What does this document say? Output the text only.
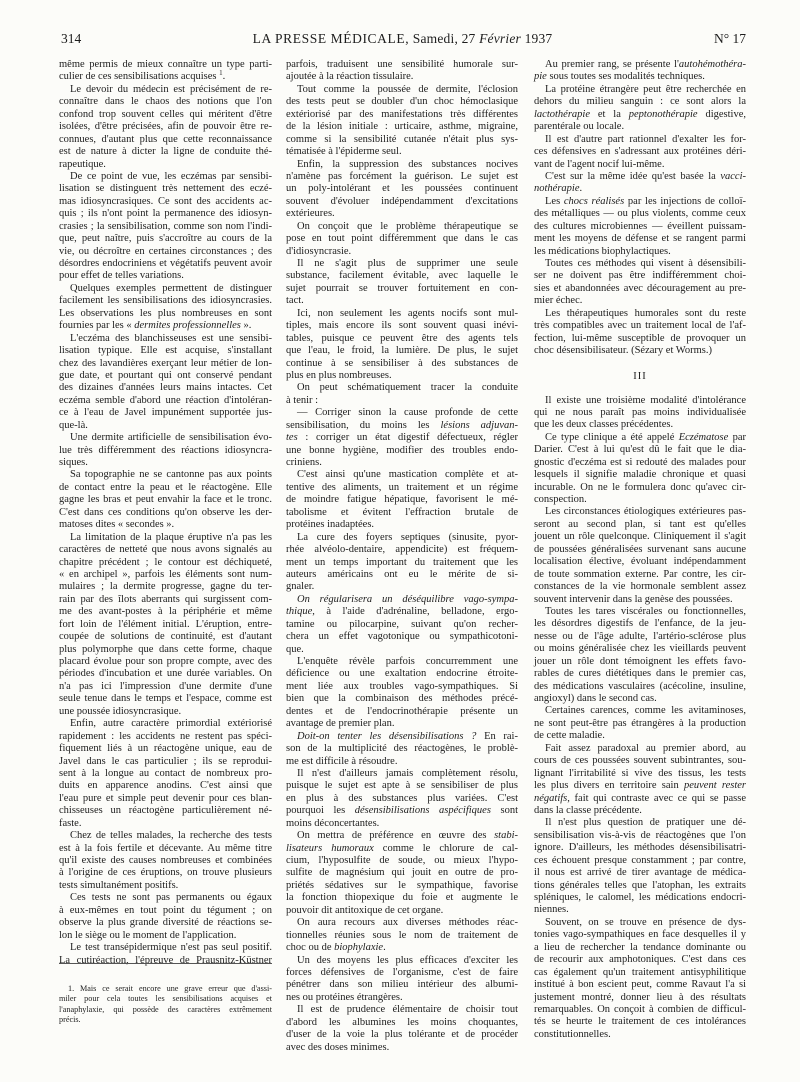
314	LA PRESSE MÉDICALE, Samedi, 27 Février 1937	N° 17
même permis de mieux connaître un type parti-
culier de ces sensibilisations acquises $^1$.
Le devoir du médecin est précisément de re-
connaître dans le chaos des notions que l'on
confond trop souvent celles qui méritent d'être
isolées, d'être précisées, afin de pouvoir être re-
connues, d'autant plus que cette reconnaissance
est de nature à dicter la ligne de conduite thé-
rapeutique.
De ce point de vue, les eczémas par sensibi-
lisation se distinguent très nettement des eczé-
mas idiosyncrasiques. Ce sont des accidents ac-
quis ; ils n'ont point la permanence des idiosyn-
crasies ; la sensibilisation, comme son nom l'indi-
que, peut naître, puis s'accroître au cours de la
vie, ou décroître en certaines circonstances ; des
désordres endocriniens et végétatifs peuvent avoir
pour effet de telles variations.
Quelques exemples permettent de distinguer
facilement les sensibilisations des idiosyncrasies.
Les observations les plus nombreuses en sont
fournies par les « dermites professionnelles ».
L'eczéma des blanchisseuses est une sensibi-
lisation typique. Elle est acquise, s'installant
chez des lavandières exerçant leur métier de lon-
gue date, et pourtant qui ont conservé pendant
des dizaines d'années leurs mains intactes. Cet
eczéma semble d'abord une réaction d'intoléran-
ce à l'eau de Javel impunément supportée jus-
que-là.
Une dermite artificielle de sensibilisation évo-
lue très différemment des réactions idiosyncra-
siques.
Sa topographie ne se cantonne pas aux points
de contact entre la peau et le réactogène. Elle
gagne les bras et peut envahir la face et le tronc.
C'est dans ces conditions qu'on observe les der-
matoses dites « secondes ».
La limitation de la plaque éruptive n'a pas les
caractères de netteté que nous avons signalés au
chapitre précédent ; le contour est déchiqueté,
« en archipel », parfois les éléments sont num-
mulaires ; la dermite progresse, gagne du ter-
rain par des îlots aberrants qui surgissent com-
me des avant-postes à la périphérie et même
fort loin de l'élément initial. L'éruption, entre-
coupée de solutions de continuité, est d'autant
plus polymorphe que dans cette forme, chaque
placard évolue pour son propre compte, avec des
périodes d'incubation et une durée variables. On
n'a pas ici l'impression d'une dermite d'une
seule tenue dans le temps et l'espace, comme est
une poussée idiosyncrasique.
Enfin, autre caractère primordial extériorisé
rapidement : les accidents ne restent pas spéci-
fiquement liés à un réactogène unique, eau de
Javel dans le cas particulier ; ils se reprodui-
sent à la longue au contact de nombreux pro-
duits en apparence anodins. C'est ainsi que
l'eau pure et simple peut devenir pour ces blan-
chisseuses un réactogène particulièrement né-
faste.
Chez de telles malades, la recherche des tests
est à la fois fertile et décevante. Au même titre
qu'il existe des causes nombreuses et combinées
à l'origine de ces éruptions, on trouve plusieurs
tests simultanément positifs.
Ces tests ne sont pas permanents ou égaux
à eux-mêmes en tout point du tégument ; on
observe la plus grande diversité de réactions se-
lon le siège ou le moment de l'application.
Le test transépidermique n'est pas seul positif.
La cutiréaction, l'épreuve de Prausnitz-Küstner
parfois, traduisent une sensibilité humorale sur-
ajoutée à la réaction tissulaire.
Tout comme la poussée de dermite, l'éclosion
des tests peut se doubler d'un choc hémoclasique
extériorisé par des manifestations très différentes
de la lésion initiale : urticaire, asthme, migraine,
comme si la sensibilité cutanée n'était plus sys-
tématisée à l'épiderme seul.
Enfin, la suppression des substances nocives
n'amène pas forcément la guérison. Le sujet est
un poly-intolérant et les poussées continuent
souvent d'évoluer indépendamment d'excitations
extérieures.
On conçoit que le problème thérapeutique se
pose en tout point différemment que dans le cas
d'idiosyncrasie.
Il ne s'agit plus de supprimer une seule
substance, facilement évitable, avec laquelle le
sujet pourrait se trouver fortuitement en con-
tact.
Ici, non seulement les agents nocifs sont mul-
tiples, mais encore ils sont souvent quasi inévi-
tables, puisque ce peuvent être des agents tels
que l'eau, le froid, la lumière. De plus, le sujet
continue à se sensibiliser à des substances de
plus en plus nombreuses.
On peut schématiquement tracer la conduite
à tenir :
— Corriger sinon la cause profonde de cette
sensibilisation, du moins les lésions adjuvan-
tes : corriger un état digestif défectueux, régler
une bonne hygiène, modifier des troubles endo-
criniens.
C'est ainsi qu'une mastication complète et at-
tentive des aliments, un traitement et un régime
de moindre fatigue hépatique, favorisent le mé-
tabolisme et évitent l'effraction brutale de
protéines inadaptées.
La cure des foyers septiques (sinusite, pyor-
rhée alvéolo-dentaire, appendicite) est fréquem-
ment un temps important du traitement que les
auteurs américains ont eu le mérite de si-
gnaler.
On régularisera un déséquilibre vago-sympa-
thique, à l'aide d'adrénaline, belladone, ergo-
tamine ou pilocarpine, suivant qu'on recher-
chera un effet vagotonique ou sympathicotoni-
que.
L'enquête révèle parfois concurremment une
déficience ou une exaltation endocrine étroite-
ment liée aux troubles vago-sympathiques. Si
bien que la combinaison des méthodes précé-
dentes et de l'endocrinothérapie présente un
avantage de premier plan.
Doit-on tenter les désensibilisations ? En rai-
son de la multiplicité des réactogènes, le problè-
me est difficile à résoudre.
Il n'est d'ailleurs jamais complètement résolu,
puisque le sujet est apte à se sensibiliser de plus
en plus à des substances plus variées. C'est
pourquoi les désensibilisations aspécifiques sont
moins déconcertantes.
On mettra de préférence en œuvre des stabi-
lisateurs humoraux comme le chlorure de cal-
cium, l'hyposulfite de soude, ou mieux l'hypo-
sulfite de magnésium qui jouit en outre de pro-
priétés sédatives sur le sympathique, favorise
la fonction thiopexique du foie et augmente le
pouvoir dit antitoxique de cet organe.
On aura recours aux diverses méthodes réac-
tionnelles réunies sous le nom de traitement de
choc ou de biophylaxie.
Un des moyens les plus efficaces d'exciter les
forces défensives de l'organisme, c'est de faire
pénétrer dans son milieu intérieur des albumi-
nes ou protéines étrangères.
Il est de prudence élémentaire de choisir tout
d'abord les albumines les moins choquantes,
d'user de la voie la plus tolérante et de procéder
avec des doses minimes.
Au premier rang, se présente l'autohémothéra-
pie sous toutes ses modalités techniques.
La protéine étrangère peut être recherchée en
dehors du milieu sanguin : ce sont alors la
lactothérapie et la peptonothérapie digestive,
parentérale ou locale.
Il est d'autre part rationnel d'exalter les for-
ces défensives en s'adressant aux protéines déri-
vant de l'agent nocif lui-même.
C'est sur la même idée qu'est basée la vacci-
nothérapie.
Les chocs réalisés par les injections de colloï-
des métalliques — ou plus violents, comme ceux
des cultures microbiennes — éveillent puissam-
ment les moyens de défense et se rangent parmi
les médications biophylactiques.
Toutes ces méthodes qui visent à désensibili-
ser ne doivent pas être indifféremment choi-
sies et abandonnées avec découragement au pre-
mier échec.
Les thérapeutiques humorales sont du reste
très compatibles avec un traitement local de l'af-
fection, lui-même susceptible de provoquer un
choc désensibilisateur. (Sézary et Worms.)
III
Il existe une troisième modalité d'intolérance
qui ne nous paraît pas moins individualisée
que les deux classes précédentes.
Ce type clinique a été appelé Eczématose par
Darier. C'est à lui qu'est dû le fait que le dia-
gnostic d'eczéma est si redouté des malades pour
lesquels il signifie maladie chronique et quasi
incurable. On ne le formulera donc qu'avec cir-
conspection.
Les circonstances étiologiques extérieures pas-
seront au second plan, si tant est qu'elles
jouent un rôle quelconque. Cliniquement il s'agit
de poussées généralisées survenant sans aucune
localisation élective, évoluant indépendamment
de toute sommation externe. Par contre, les cir-
constances de la vie hormonale semblent assez
souvent intervenir dans la genèse des poussées.
Toutes les tares viscérales ou fonctionnelles,
les désordres digestifs de l'enfance, de la jeu-
nesse ou de l'âge adulte, l'artério-sclérose plus
ou moins généralisée chez les vieillards peuvent
jouer un rôle dont témoignent les effets favo-
rables de cures diététiques dans le premier cas,
des médications vasculaires (acécoline, insuline,
angioxyl) dans le second cas.
Certaines carences, comme les avitaminoses,
ne sont peut-être pas étrangères à la production
de cette maladie.
Fait assez paradoxal au premier abord, au
cours de ces poussées souvent subintrantes, sou-
lignant l'irritabilité si vive des tissus, les tests
les plus divers en territoire sain peuvent rester
négatifs, fait qui contraste avec ce qui se passe
dans la classe précédente.
Il n'est plus question de pratiquer une dé-
sensibilisation vis-à-vis de réactogènes que l'on
ignore. D'ailleurs, les méthodes désensibilisatri-
ces échouent presque constamment ; par contre,
il nous est arrivé de tirer avantage de médica-
tions générales telles que l'atophan, les extraits
spléniques, le calomel, les médications endocri-
niennes.
Souvent, on se trouve en présence de dys-
tonies vago-sympathiques en face desquelles il y
a lieu de rechercher la tendance dominante ou
de recourir aux amphotoniques. C'est dans ces
cas également qu'un traitement antisyphilitique
institué à bon escient peut, comme Ravaut l'a si
justement montré, donner lieu à des résultats
remarquables. On conçoit à combien de difficul-
tés se heurte le traitement de ces intolérances
constitutionnelles.
1. Mais ce serait encore une grave erreur que d'assi-
miler pour cela toutes les sensibilisations acquises et
l'anaphylaxie, qui possède des caractères extrêmement
précis.
